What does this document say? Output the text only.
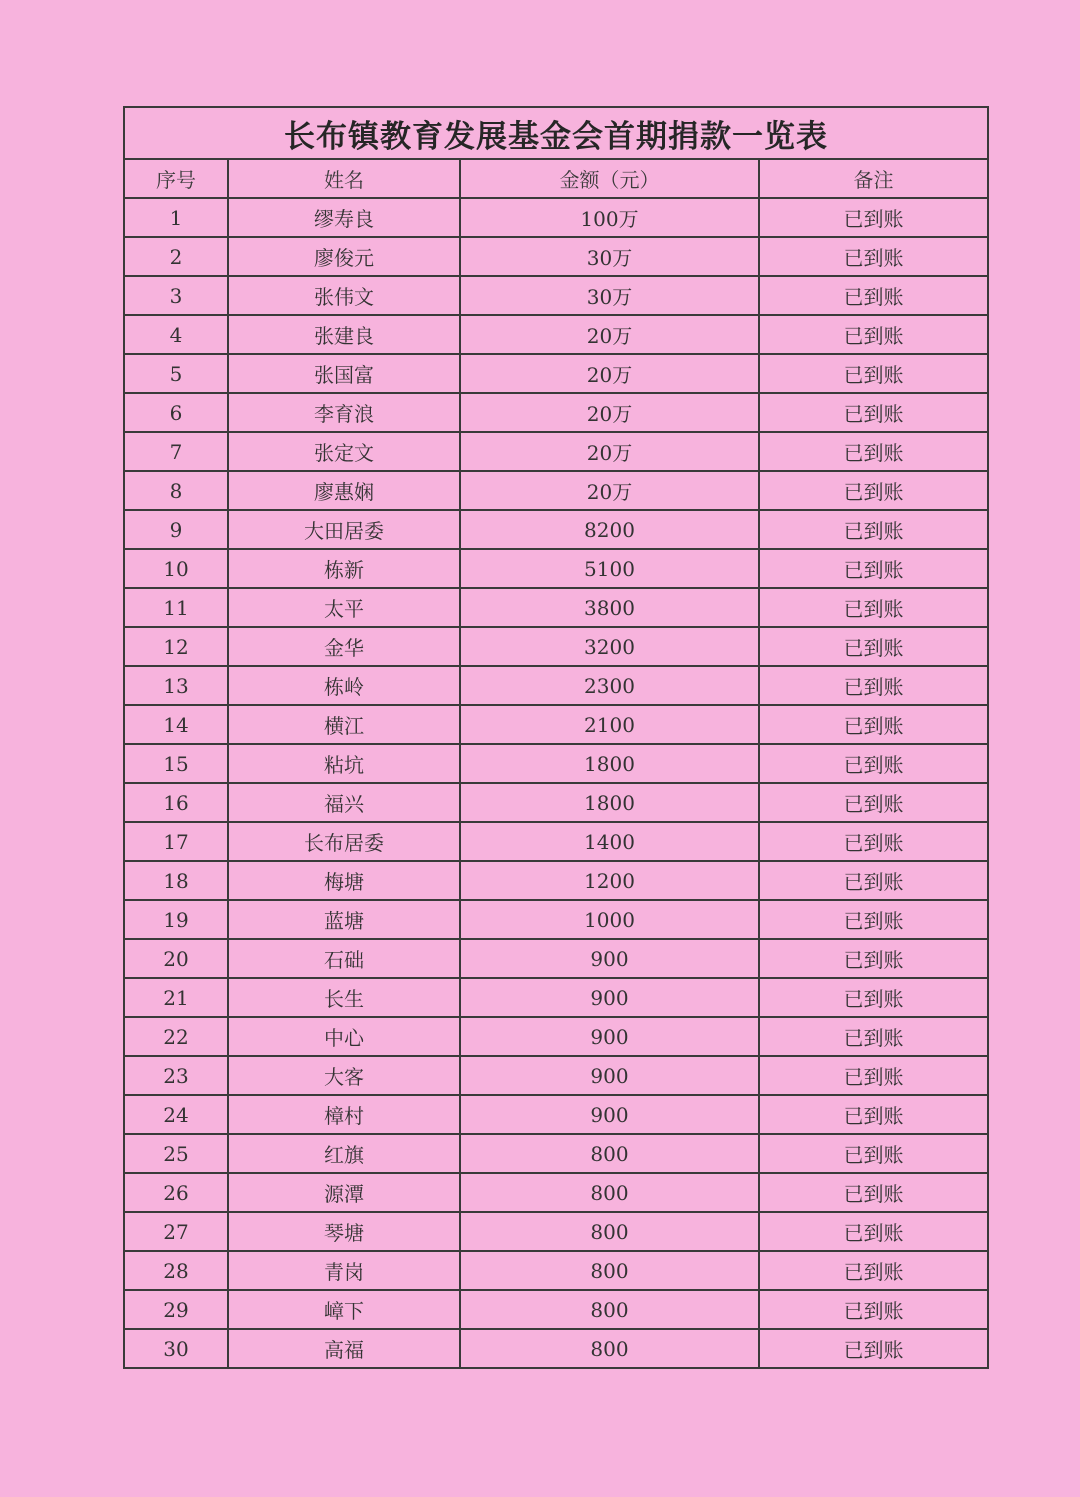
长布镇教育发展基金会首期捐款一览表			
序号	姓名	金额（元）	备注
1	缪寿良	100万	已到账
2	廖俊元	30万	已到账
3	张伟文	30万	已到账
4	张建良	20万	已到账
5	张国富	20万	已到账
6	李育浪	20万	已到账
7	张定文	20万	已到账
8	廖惠娴	20万	已到账
9	大田居委	8200	已到账
10	栋新	5100	已到账
11	太平	3800	已到账
12	金华	3200	已到账
13	栋岭	2300	已到账
14	横江	2100	已到账
15	粘坑	1800	已到账
16	福兴	1800	已到账
17	长布居委	1400	已到账
18	梅塘	1200	已到账
19	蓝塘	1000	已到账
20	石础	900	已到账
21	长生	900	已到账
22	中心	900	已到账
23	大客	900	已到账
24	樟村	900	已到账
25	红旗	800	已到账
26	源潭	800	已到账
27	琴塘	800	已到账
28	青岗	800	已到账
29	嶂下	800	已到账
30	高福	800	已到账
